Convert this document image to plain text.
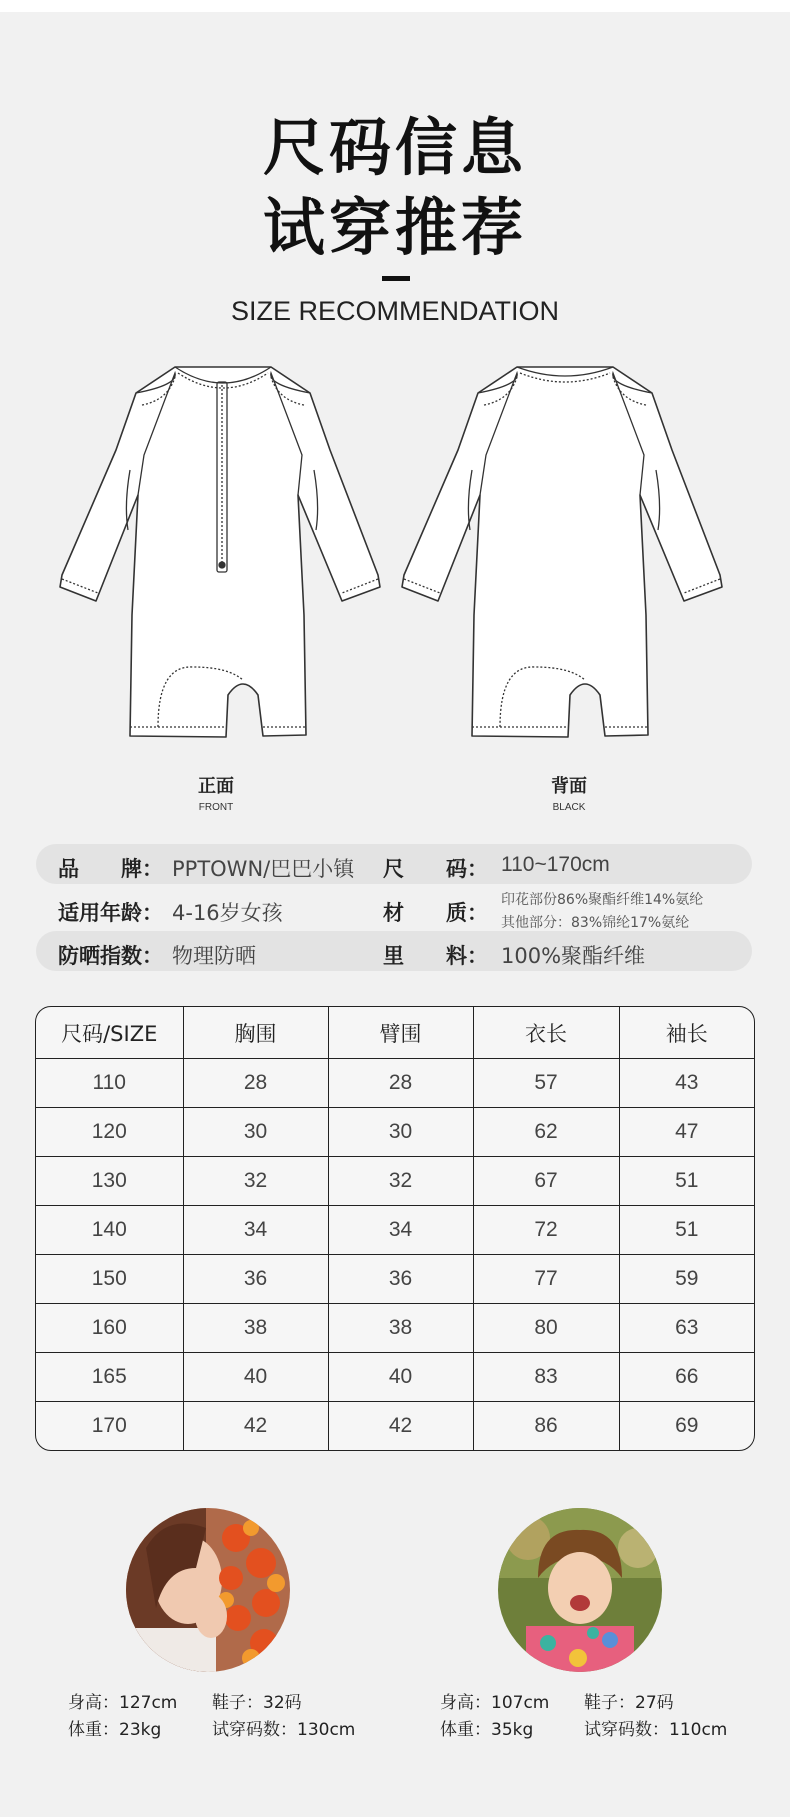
尺码信息
试穿推荐
SIZE RECOMMENDATION
正面
FRONT
背面
BLACK
品　　牌： PPTOWN/巴巴小镇 尺　　码： 110~170cm
适用年龄： 4-16岁女孩	材　　质：
印花部份86%聚酯纤维14%氨纶
其他部分：83%锦纶17%氨纶
防晒指数： 物理防晒	里　　料： 100%聚酯纤维
尺码/SIZE	胸围	臂围	衣长	袖长
110	28	28	57	43
120	30	30	62	47
130	32	32	67	51
140	34	34	72	51
150	36	36	77	59
160	38	38	80	63
165	40	40	83	66
170	42	42	86	69
身高：127cm 鞋子：32码
体重：23kg	试穿码数：130cm
身高：107cm 鞋子：27码
体重：35kg	试穿码数：110cm
